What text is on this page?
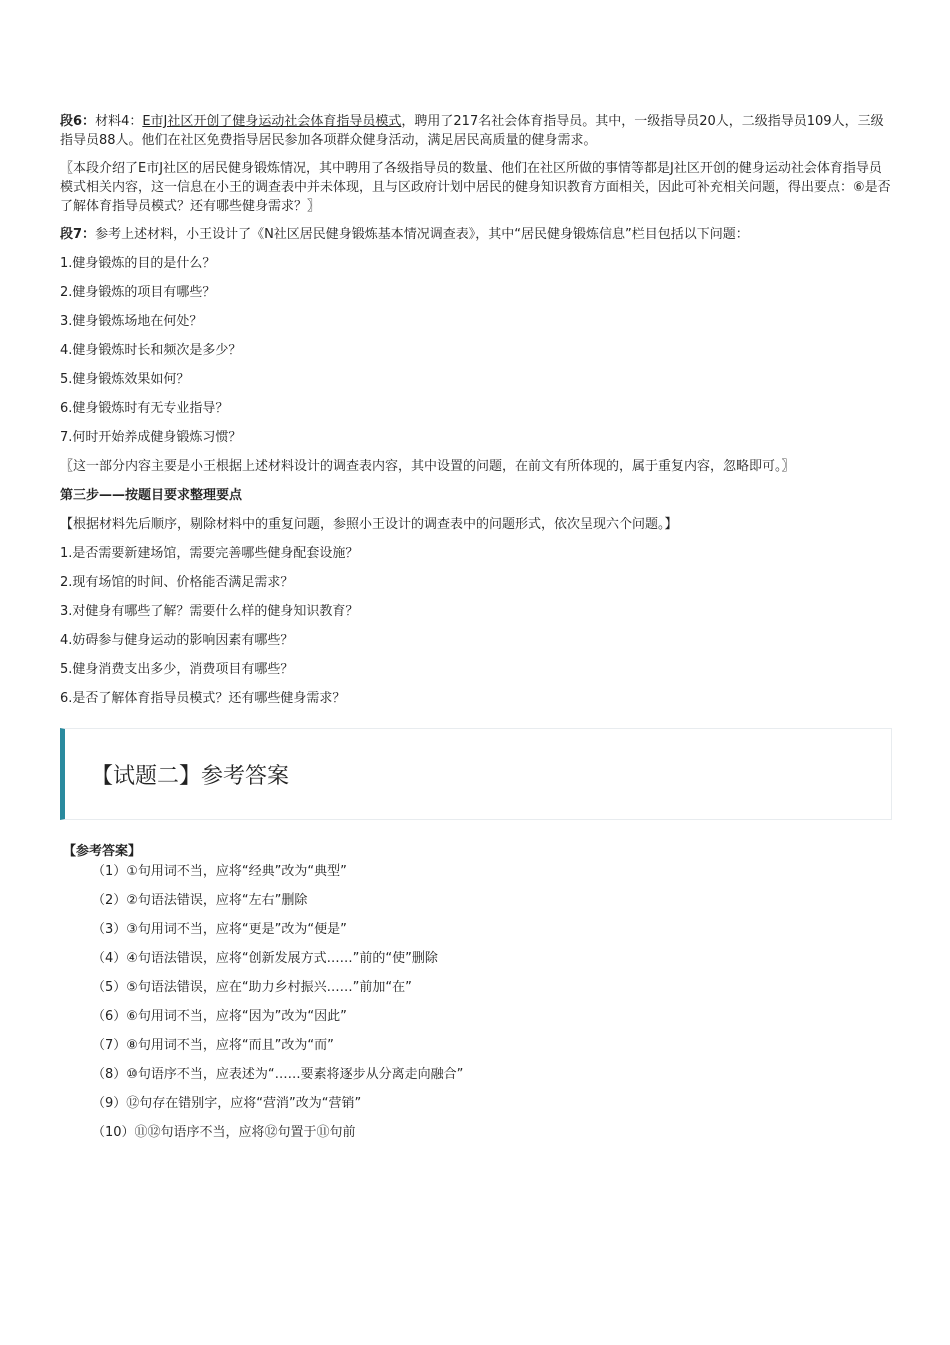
段6：材料4：E市J社区开创了健身运动社会体育指导员模式，聘用了217名社会体育指导员。其中，一级指导员20人，二级指导员109人，三级指导员88人。他们在社区免费指导居民参加各项群众健身活动，满足居民高质量的健身需求。

〖本段介绍了E市J社区的居民健身锻炼情况，其中聘用了各级指导员的数量、他们在社区所做的事情等都是J社区开创的健身运动社会体育指导员模式相关内容，这一信息在小王的调查表中并未体现，且与区政府计划中居民的健身知识教育方面相关，因此可补充相关问题，得出要点：⑥是否了解体育指导员模式？还有哪些健身需求？〗

段7：参考上述材料，小王设计了《N社区居民健身锻炼基本情况调查表》，其中“居民健身锻炼信息”栏目包括以下问题：

1.健身锻炼的目的是什么？

2.健身锻炼的项目有哪些？

3.健身锻炼场地在何处？

4.健身锻炼时长和频次是多少？

5.健身锻炼效果如何？

6.健身锻炼时有无专业指导？

7.何时开始养成健身锻炼习惯？

〖这一部分内容主要是小王根据上述材料设计的调查表内容，其中设置的问题，在前文有所体现的，属于重复内容，忽略即可。〗

第三步——按题目要求整理要点

【根据材料先后顺序，剔除材料中的重复问题，参照小王设计的调查表中的问题形式，依次呈现六个问题。】

1.是否需要新建场馆，需要完善哪些健身配套设施？

2.现有场馆的时间、价格能否满足需求？

3.对健身有哪些了解？需要什么样的健身知识教育？

4.妨碍参与健身运动的影响因素有哪些？

5.健身消费支出多少，消费项目有哪些？

6.是否了解体育指导员模式？还有哪些健身需求？

【试题二】参考答案

【参考答案】

（1）①句用词不当，应将“经典”改为“典型”

（2）②句语法错误，应将“左右”删除

（3）③句用词不当，应将“更是”改为“便是”

（4）④句语法错误，应将“创新发展方式……”前的“使”删除

（5）⑤句语法错误，应在“助力乡村振兴……”前加“在”

（6）⑥句用词不当，应将“因为”改为“因此”

（7）⑧句用词不当，应将“而且”改为“而”

（8）⑩句语序不当，应表述为“……要素将逐步从分离走向融合”

（9）⑫句存在错别字，应将“营消”改为“营销”

（10）⑪⑫句语序不当，应将⑫句置于⑪句前
